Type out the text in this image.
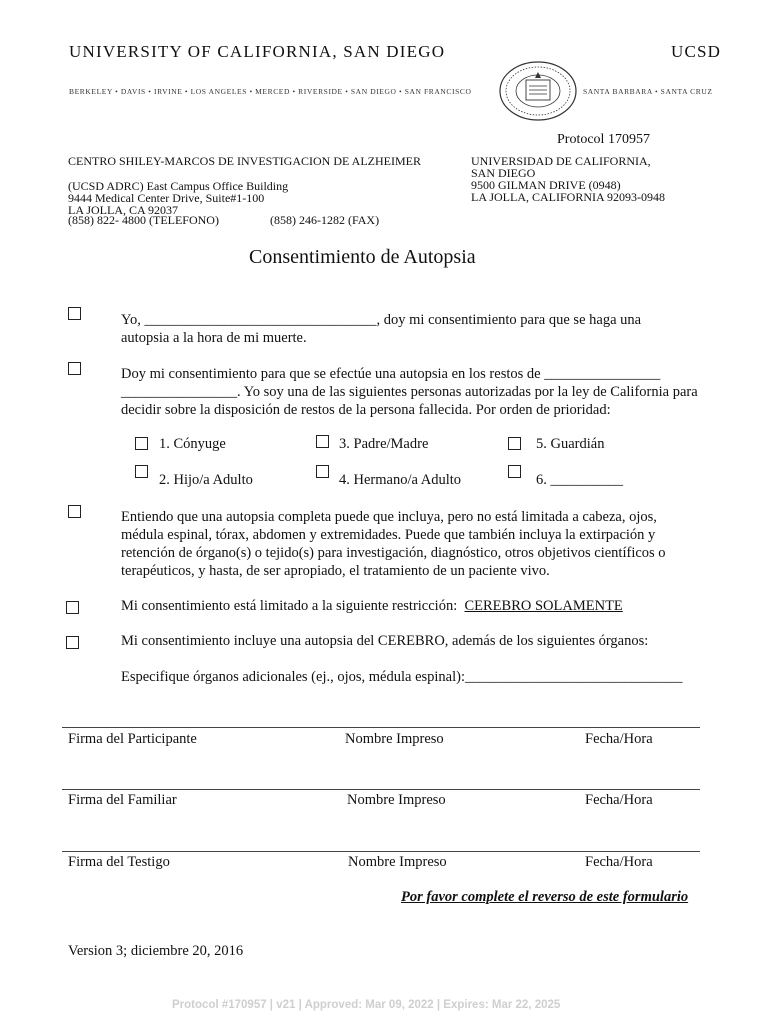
UNIVERSITY OF CALIFORNIA, SAN DIEGO	UCSD
BERKELEY • DAVIS • IRVINE • LOS ANGELES • MERCED • RIVERSIDE • SAN DIEGO • SAN FRANCISCO	SANTA BARBARA • SANTA CRUZ
Protocol 170957
CENTRO SHILEY-MARCOS DE INVESTIGACION DE ALZHEIMER
(UCSD ADRC) East Campus Office Building
9444 Medical Center Drive, Suite#1-100
LA JOLLA, CA 92037
(858) 822- 4800 (TELEFONO)	(858) 246-1282 (FAX)
UNIVERSIDAD DE CALIFORNIA,
SAN DIEGO
9500 GILMAN DRIVE (0948)
LA JOLLA, CALIFORNIA 92093-0948
Consentimiento de Autopsia
Yo, ________________________________, doy mi consentimiento para que se haga una autopsia a la hora de mi muerte.
Doy mi consentimiento para que se efectúe una autopsia en los restos de ________________ ________________. Yo soy una de las siguientes personas autorizadas por la ley de California para decidir sobre la disposición de restos de la persona fallecida. Por orden de prioridad:
1. Cónyuge	3. Padre/Madre	5. Guardián
2. Hijo/a Adulto	4. Hermano/a Adulto	6. __________
Entiendo que una autopsia completa puede que incluya, pero no está limitada a cabeza, ojos, médula espinal, tórax, abdomen y extremidades. Puede que también incluya la extirpación y retención de órgano(s) o tejido(s) para investigación, diagnóstico, otros objetivos científicos o terapéuticos, y hasta, de ser apropiado, el tratamiento de un paciente vivo.
Mi consentimiento está limitado a la siguiente restricción: CEREBRO SOLAMENTE
Mi consentimiento incluye una autopsia del CEREBRO, además de los siguientes órganos:
Especifique órganos adicionales (ej., ojos, médula espinal):______________________________
Firma del Participante	Nombre Impreso	Fecha/Hora
Firma del Familiar	Nombre Impreso	Fecha/Hora
Firma del Testigo	Nombre Impreso	Fecha/Hora
Por favor complete el reverso de este formulario
Version 3; diciembre 20, 2016
Protocol #170957 | v21 | Approved: Mar 09, 2022 | Expires: Mar 22, 2025
